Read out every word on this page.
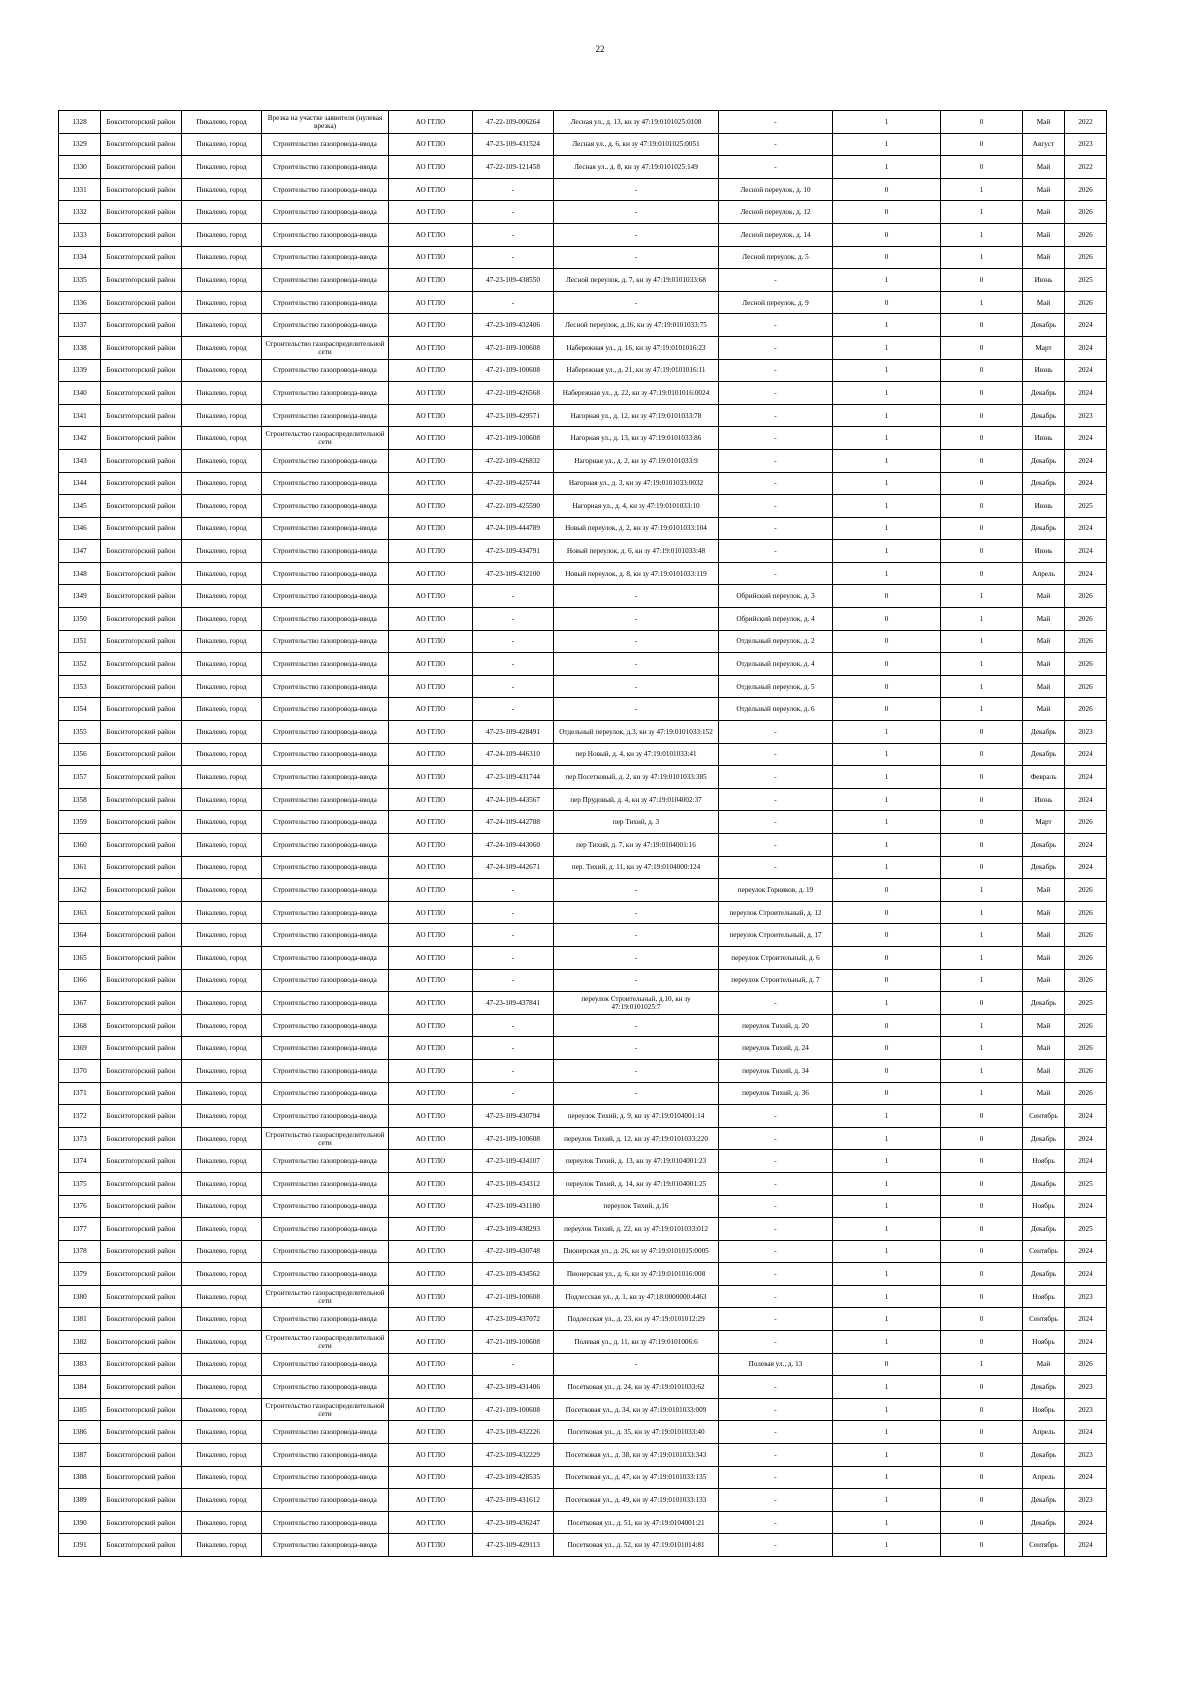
22
1328	Бокситогорский район	Пикалево, город	Врезка на участке заявителя (нулевая врезка)	АО ГГЛО	47-22-109-006264	Лесная ул., д. 13, кн зу 47:19:0101025:0108	-	1	0	Май	2022
1329	Бокситогорский район	Пикалево, город	Строительство газопровода-ввода	АО ГГЛО	47-23-109-431524	Лесная ул., д. 6, кн зу 47:19:0101025:0051	-	1	0	Август	2023
1330	Бокситогорский район	Пикалево, город	Строительство газопровода-ввода	АО ГГЛО	47-22-109-121458	Лесная ул., д. 8, кн зу 47:19:0101025:149	-	1	0	Май	2022
1331	Бокситогорский район	Пикалево, город	Строительство газопровода-ввода	АО ГГЛО	-	-	Лесной переулок, д. 10	0	1	Май	2026
1332	Бокситогорский район	Пикалево, город	Строительство газопровода-ввода	АО ГГЛО	-	-	Лесной переулок, д. 12	0	1	Май	2026
1333	Бокситогорский район	Пикалево, город	Строительство газопровода-ввода	АО ГГЛО	-	-	Лесной переулок, д. 14	0	1	Май	2026
1334	Бокситогорский район	Пикалево, город	Строительство газопровода-ввода	АО ГГЛО	-	-	Лесной переулок, д. 5	0	1	Май	2026
1335	Бокситогорский район	Пикалево, город	Строительство газопровода-ввода	АО ГГЛО	47-23-109-438550	Лесной переулок, д. 7, кн зу 47:19:0101033:68	-	1	0	Июнь	2025
1336	Бокситогорский район	Пикалево, город	Строительство газопровода-ввода	АО ГГЛО	-	-	Лесной переулок, д. 9	0	1	Май	2026
1337	Бокситогорский район	Пикалево, город	Строительство газопровода-ввода	АО ГГЛО	47-23-109-432406	Лесной переулок, д.16, кн зу 47:19:0101033:75	-	1	0	Декабрь	2024
1338	Бокситогорский район	Пикалево, город	Строительство газораспределительной сети	АО ГГЛО	47-21-109-100608	Набережная ул., д. 16, кн зу 47:19:0101016:23	-	1	0	Март	2024
1339	Бокситогорский район	Пикалево, город	Строительство газопровода-ввода	АО ГГЛО	47-21-109-100608	Набережная ул., д. 21, кн зу 47:19:0101016:11	-	1	0	Июнь	2024
1340	Бокситогорский район	Пикалево, город	Строительство газопровода-ввода	АО ГГЛО	47-22-109-426568	Набережная ул., д. 22, кн зу 47:19:0101016:0024	-	1	0	Декабрь	2024
1341	Бокситогорский район	Пикалево, город	Строительство газопровода-ввода	АО ГГЛО	47-23-109-429571	Нагорная ул., д. 12, кн зу 47:19:0101033:78	-	1	0	Декабрь	2023
1342	Бокситогорский район	Пикалево, город	Строительство газораспределительной сети	АО ГГЛО	47-21-109-100608	Нагорная ул., д. 13, кн зу 47:19:0101033:86	-	1	0	Июнь	2024
1343	Бокситогорский район	Пикалево, город	Строительство газопровода-ввода	АО ГГЛО	47-22-109-426832	Нагорная ул., д. 2, кн зу 47:19:0101033:9	-	1	0	Декабрь	2024
1344	Бокситогорский район	Пикалево, город	Строительство газопровода-ввода	АО ГГЛО	47-22-109-425744	Нагорная ул., д. 3, кн зу 47:19:0101033:0032	-	1	0	Декабрь	2024
1345	Бокситогорский район	Пикалево, город	Строительство газопровода-ввода	АО ГГЛО	47-22-109-425590	Нагорная ул., д. 4, кн зу 47:19:0101033:10	-	1	0	Июнь	2025
1346	Бокситогорский район	Пикалево, город	Строительство газопровода-ввода	АО ГГЛО	47-24-109-444789	Новый переулок, д. 2, кн зу 47:19:0101033:104	-	1	0	Декабрь	2024
1347	Бокситогорский район	Пикалево, город	Строительство газопровода-ввода	АО ГГЛО	47-23-109-434791	Новый переулок, д. 6, кн зу 47:19:0101033:48	-	1	0	Июнь	2024
1348	Бокситогорский район	Пикалево, город	Строительство газопровода-ввода	АО ГГЛО	47-23-109-432100	Новый переулок, д. 8, кн зу 47:19:0101033:119	-	1	0	Апрель	2024
1349	Бокситогорский район	Пикалево, город	Строительство газопровода-ввода	АО ГГЛО	-	-	Обрийский переулок, д. 3	0	1	Май	2026
1350	Бокситогорский район	Пикалево, город	Строительство газопровода-ввода	АО ГГЛО	-	-	Обрийский переулок, д. 4	0	1	Май	2026
1351	Бокситогорский район	Пикалево, город	Строительство газопровода-ввода	АО ГГЛО	-	-	Отдельный переулок, д. 2	0	1	Май	2026
1352	Бокситогорский район	Пикалево, город	Строительство газопровода-ввода	АО ГГЛО	-	-	Отдельный переулок, д. 4	0	1	Май	2026
1353	Бокситогорский район	Пикалево, город	Строительство газопровода-ввода	АО ГГЛО	-	-	Отдельный переулок, д. 5	0	1	Май	2026
1354	Бокситогорский район	Пикалево, город	Строительство газопровода-ввода	АО ГГЛО	-	-	Отдельный переулок, д. 6	0	1	Май	2026
1355	Бокситогорский район	Пикалево, город	Строительство газопровода-ввода	АО ГГЛО	47-23-109-428491	Отдельный переулок, д.3, кн зу 47:19:0101033:152	-	1	0	Декабрь	2023
1356	Бокситогорский район	Пикалево, город	Строительство газопровода-ввода	АО ГГЛО	47-24-109-446310	пер Новый, д. 4, кн зу 47:19:0101033:41	-	1	0	Декабрь	2024
1357	Бокситогорский район	Пикалево, город	Строительство газопровода-ввода	АО ГГЛО	47-23-109-431744	пер Посетковый, д. 2, кн зу 47:19:0101033:385	-	1	0	Февраль	2024
1358	Бокситогорский район	Пикалево, город	Строительство газопровода-ввода	АО ГГЛО	47-24-109-443567	пер Прудовый, д. 4, кн зу 47:19:0104002:37	-	1	0	Июнь	2024
1359	Бокситогорский район	Пикалево, город	Строительство газопровода-ввода	АО ГГЛО	47-24-109-442788	пер Тихий, д. 3	-	1	0	Март	2026
1360	Бокситогорский район	Пикалево, город	Строительство газопровода-ввода	АО ГГЛО	47-24-109-443060	пер Тихий, д. 7, кн зу 47:19:0104001:16	-	1	0	Декабрь	2024
1361	Бокситогорский район	Пикалево, город	Строительство газопровода-ввода	АО ГГЛО	47-24-109-442671	пер. Тихий, д. 11, кн зу 47:19:0104000:124	-	1	0	Декабрь	2024
1362	Бокситогорский район	Пикалево, город	Строительство газопровода-ввода	АО ГГЛО	-	-	переулок Горняков, д. 19	0	1	Май	2026
1363	Бокситогорский район	Пикалево, город	Строительство газопровода-ввода	АО ГГЛО	-	-	переулок Строительный, д. 12	0	1	Май	2026
1364	Бокситогорский район	Пикалево, город	Строительство газопровода-ввода	АО ГГЛО	-	-	переулок Строительный, д. 17	0	1	Май	2026
1365	Бокситогорский район	Пикалево, город	Строительство газопровода-ввода	АО ГГЛО	-	-	переулок Строительный, д. 6	0	1	Май	2026
1366	Бокситогорский район	Пикалево, город	Строительство газопровода-ввода	АО ГГЛО	-	-	переулок Строительный, д. 7	0	1	Май	2026
1367	Бокситогорский район	Пикалево, город	Строительство газопровода-ввода	АО ГГЛО	47-23-109-437841	переулок Строительный, д.10, кн зу 47:19:0101025:7	-	1	0	Декабрь	2025
1368	Бокситогорский район	Пикалево, город	Строительство газопровода-ввода	АО ГГЛО	-	-	переулок Тихий, д. 20	0	1	Май	2026
1369	Бокситогорский район	Пикалево, город	Строительство газопровода-ввода	АО ГГЛО	-	-	переулок Тихий, д. 24	0	1	Май	2026
1370	Бокситогорский район	Пикалево, город	Строительство газопровода-ввода	АО ГГЛО	-	-	переулок Тихий, д. 34	0	1	Май	2026
1371	Бокситогорский район	Пикалево, город	Строительство газопровода-ввода	АО ГГЛО	-	-	переулок Тихий, д. 36	0	1	Май	2026
1372	Бокситогорский район	Пикалево, город	Строительство газопровода-ввода	АО ГГЛО	47-23-109-430794	переулок Тихий, д. 9, кн зу 47:19:0104001:14	-	1	0	Сентябрь	2024
1373	Бокситогорский район	Пикалево, город	Строительство газораспределительной сети	АО ГГЛО	47-21-109-100608	переулок Тихий, д. 12, кн зу 47:19:0101033:220	-	1	0	Декабрь	2024
1374	Бокситогорский район	Пикалево, город	Строительство газопровода-ввода	АО ГГЛО	47-23-109-434107	переулок Тихий, д. 13, кн зу 47:19:0104001:23	-	1	0	Ноябрь	2024
1375	Бокситогорский район	Пикалево, город	Строительство газопровода-ввода	АО ГГЛО	47-23-109-434312	переулок Тихий, д. 14, кн зу 47:19:0104001:25	-	1	0	Декабрь	2025
1376	Бокситогорский район	Пикалево, город	Строительство газопровода-ввода	АО ГГЛО	47-23-109-431180	переулок Тихий, д.16	-	1	0	Ноябрь	2024
1377	Бокситогорский район	Пикалево, город	Строительство газопровода-ввода	АО ГГЛО	47-23-109-438293	переулок Тихий, д. 22, кн зу 47:19:0101033:012	-	1	0	Декабрь	2025
1378	Бокситогорский район	Пикалево, город	Строительство газопровода-ввода	АО ГГЛО	47-22-109-430748	Пионерская ул., д. 26, кн зу 47:19:0101015:0005	-	1	0	Сентябрь	2024
1379	Бокситогорский район	Пикалево, город	Строительство газопровода-ввода	АО ГГЛО	47-23-109-434562	Пионерская ул., д. 6, кн зу 47:19:0101016:008	-	1	0	Декабрь	2024
1380	Бокситогорский район	Пикалево, город	Строительство газораспределительной сети	АО ГГЛО	47-21-109-100608	Подлесская ул., д. 1, кн зу 47:18:0000000:4463	-	1	0	Ноябрь	2023
1381	Бокситогорский район	Пикалево, город	Строительство газопровода-ввода	АО ГГЛО	47-23-109-437072	Подлесская ул., д. 23, кн зу 47:19:0101012:29	-	1	0	Сентябрь	2024
1382	Бокситогорский район	Пикалево, город	Строительство газораспределительной сети	АО ГГЛО	47-21-109-100608	Полевая ул., д. 11, кн зу 47:19:0101006:6	-	1	0	Ноябрь	2024
1383	Бокситогорский район	Пикалево, город	Строительство газопровода-ввода	АО ГГЛО	-	-	Полевая ул., д. 13	0	1	Май	2026
1384	Бокситогорский район	Пикалево, город	Строительство газопровода-ввода	АО ГГЛО	47-23-109-431406	Посетковая ул., д. 24, кн зу 47:19:0101033:62	-	1	0	Декабрь	2023
1385	Бокситогорский район	Пикалево, город	Строительство газораспределительной сети	АО ГГЛО	47-21-109-100608	Посетковая ул., д. 34, кн зу 47:19:0101033:009	-	1	0	Ноябрь	2023
1386	Бокситогорский район	Пикалево, город	Строительство газопровода-ввода	АО ГГЛО	47-23-109-432226	Посетковая ул., д. 35, кн зу 47:19:0101033:40	-	1	0	Апрель	2024
1387	Бокситогорский район	Пикалево, город	Строительство газопровода-ввода	АО ГГЛО	47-23-109-432229	Посетковая ул., д. 38, кн зу 47:19:0101033:343	-	1	0	Декабрь	2023
1388	Бокситогорский район	Пикалево, город	Строительство газопровода-ввода	АО ГГЛО	47-23-109-428535	Посетковая ул., д. 47, кн зу 47:19:0101033:135	-	1	0	Апрель	2024
1389	Бокситогорский район	Пикалево, город	Строительство газопровода-ввода	АО ГГЛО	47-23-109-431612	Посетковая ул., д. 49, кн зу 47:19:0101033:133	-	1	0	Декабрь	2023
1390	Бокситогорский район	Пикалево, город	Строительство газопровода-ввода	АО ГГЛО	47-23-109-436247	Посетковая ул., д. 51, кн зу 47:19:0104001:21	-	1	0	Декабрь	2024
1391	Бокситогорский район	Пикалево, город	Строительство газопровода-ввода	АО ГГЛО	47-23-109-429113	Посетковая ул., д. 52, кн зу 47:19:0101014:81	-	1	0	Сентябрь	2024
